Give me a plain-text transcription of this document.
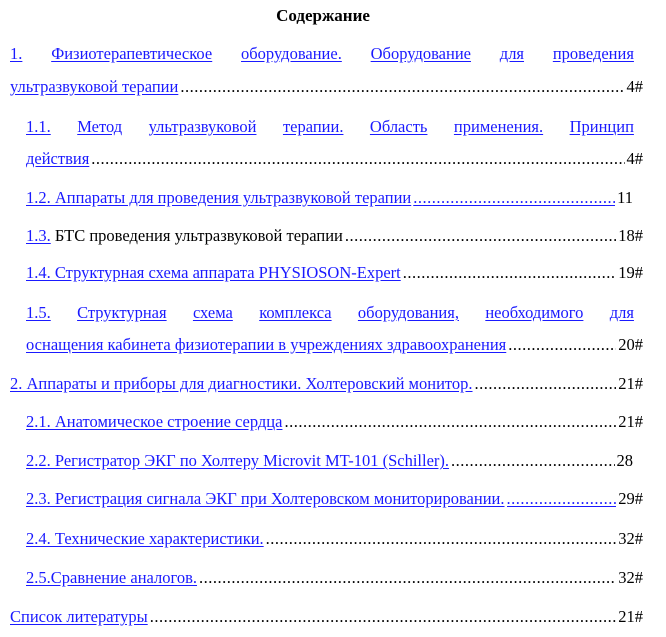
Содержание
1. Физиотерапевтическое оборудование. Оборудование для проведения
ультразвуковой терапии .....	4#
1.1. Метод ультразвуковой терапии. Область применения. Принцип
действия .....	4#
1.2. Аппараты для проведения ультразвуковой терапии .....	11
1.3. БТС проведения ультразвуковой терапии .....	18#
1.4. Структурная схема аппарата PHYSIOSON-Expert .....	19#
1.5. Структурная схема комплекса оборудования, необходимого для
оснащения кабинета физиотерапии в учреждениях здравоохранения .....	20#
2. Аппараты и приборы для диагностики. Холтеровский монитор. .....	21#
2.1. Анатомическое строение сердца .....	21#
2.2. Регистратор ЭКГ по Холтеру Microvit MT-101 (Schiller). .....	28
2.3. Регистрация сигнала ЭКГ при Холтеровском мониторировании. .....	29#
2.4. Технические характеристики. .....	32#
2.5.Сравнение аналогов. .....	32#
Список литературы .....	21#
